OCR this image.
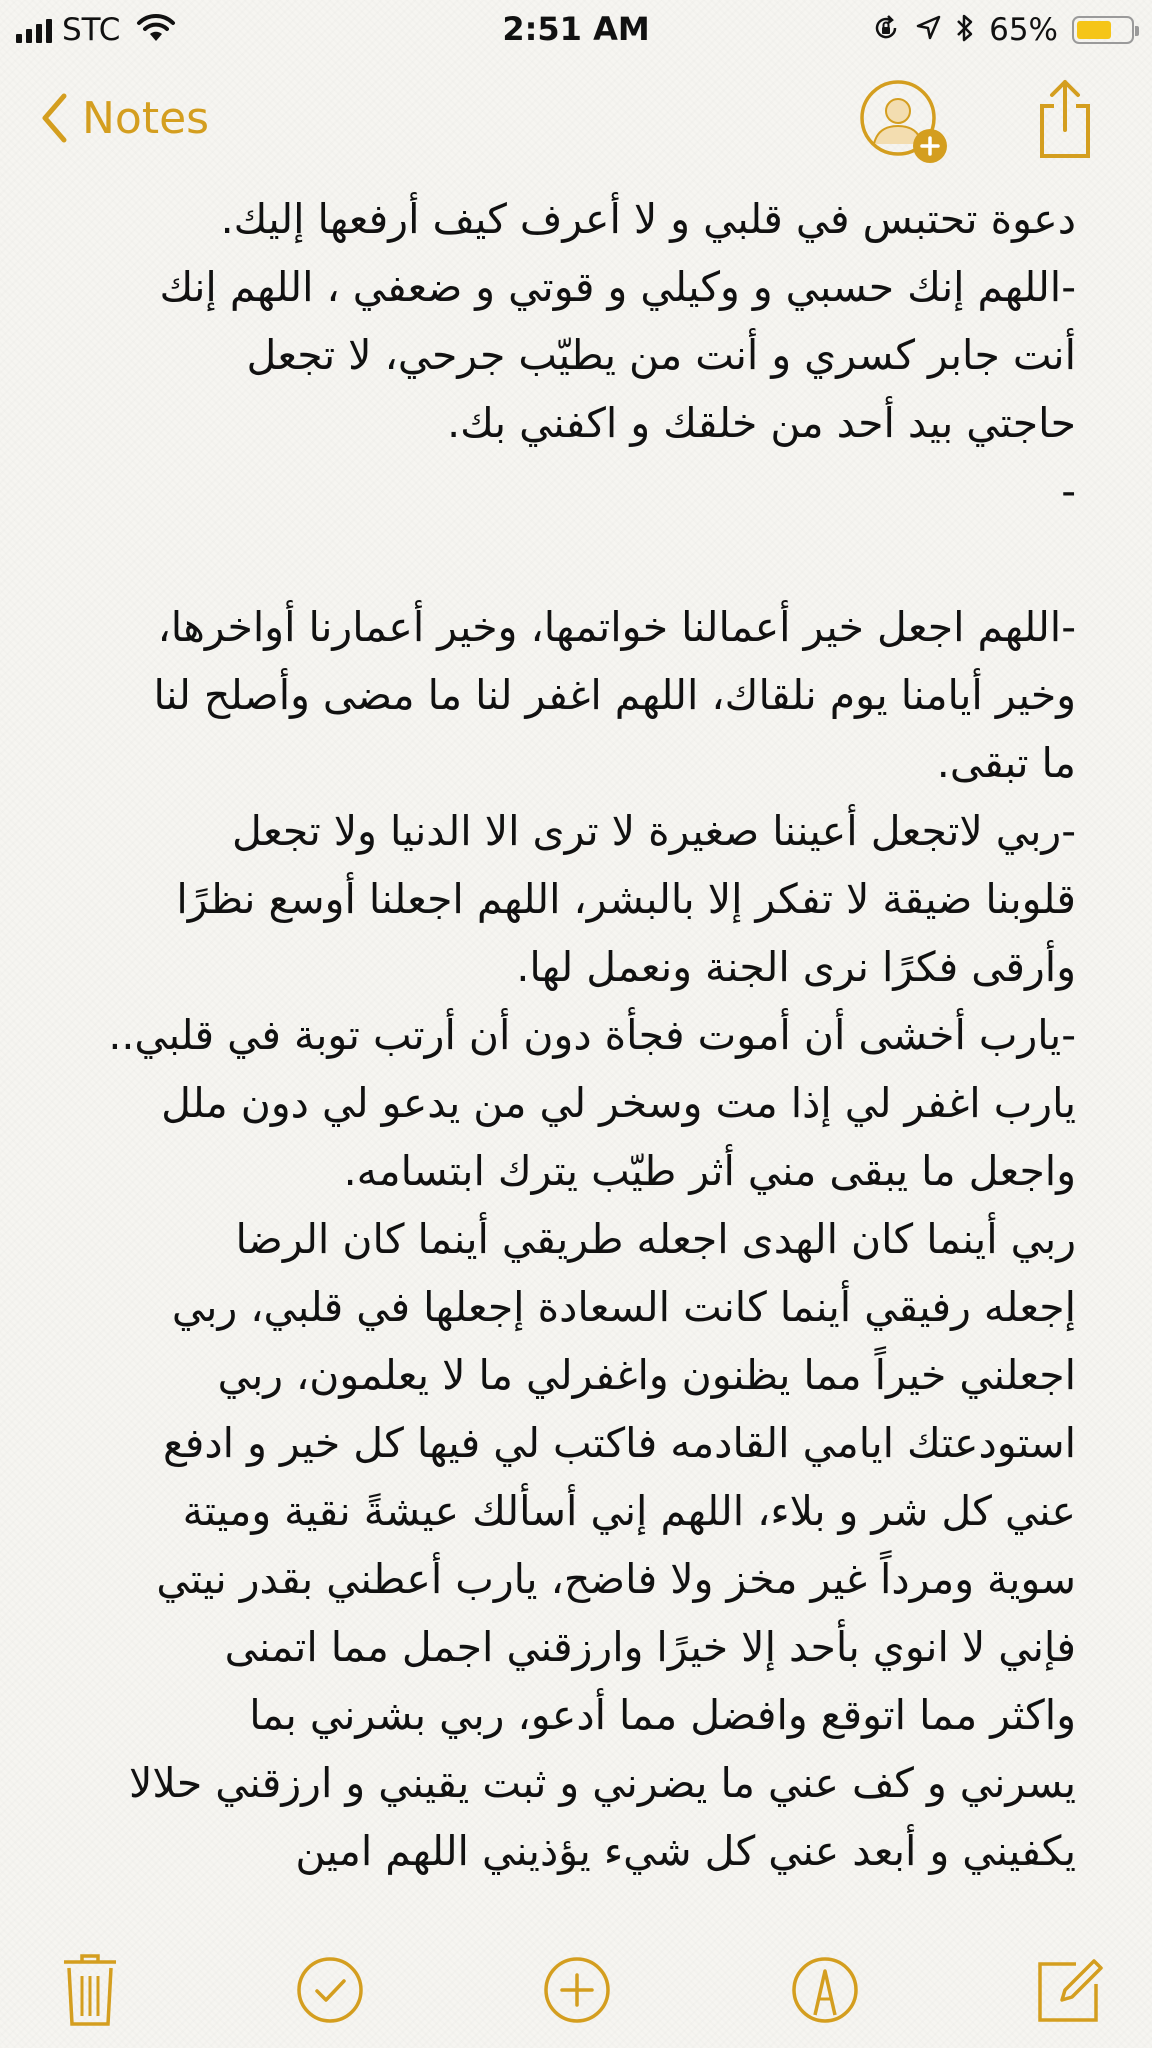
STC	2:51 AM	65%
Notes
دعوة تحتبس في قلبي و لا أعرف كيف أرفعها إليك.
-اللهم إنك حسبي و وكيلي و قوتي و ضعفي ، اللهم إنك
أنت جابر كسري و أنت من يطيّب جرحي، لا تجعل
حاجتي بيد أحد من خلقك و اكفني بك.
-
-اللهم اجعل خير أعمالنا خواتمها، وخير أعمارنا أواخرها،
وخير أيامنا يوم نلقاك، اللهم اغفر لنا ما مضى وأصلح لنا
ما تبقى.
-ربي لاتجعل أعيننا صغيرة لا ترى الا الدنيا ولا تجعل
قلوبنا ضيقة لا تفكر إلا بالبشر، اللهم اجعلنا أوسع نظرًا
وأرقى فكرًا نرى الجنة ونعمل لها.
-يارب أخشى أن أموت فجأة دون أن أرتب توبة في قلبي..
يارب اغفر لي إذا مت وسخر لي من يدعو لي دون ملل
واجعل ما يبقى مني أثر طيّب يترك ابتسامه.
ربي أينما كان الهدى اجعله طريقي أينما كان الرضا
إجعله رفيقي أينما كانت السعادة إجعلها في قلبي، ربي
اجعلني خيراً مما يظنون واغفرلي ما لا يعلمون، ربي
استودعتك ايامي القادمه فاكتب لي فيها كل خير و ادفع
عني كل شر و بلاء، اللهم إني أسألك عيشةً نقية وميتة
سوية ومرداً غير مخز ولا فاضح، يارب أعطني بقدر نيتي
فإني لا انوي بأحد إلا خيرًا وارزقني اجمل مما اتمنى
واكثر مما اتوقع وافضل مما أدعو، ربي بشرني بما
يسرني و كف عني ما يضرني و ثبت يقيني و ارزقني حلالا
يكفيني و أبعد عني كل شيء يؤذيني اللهم امين
